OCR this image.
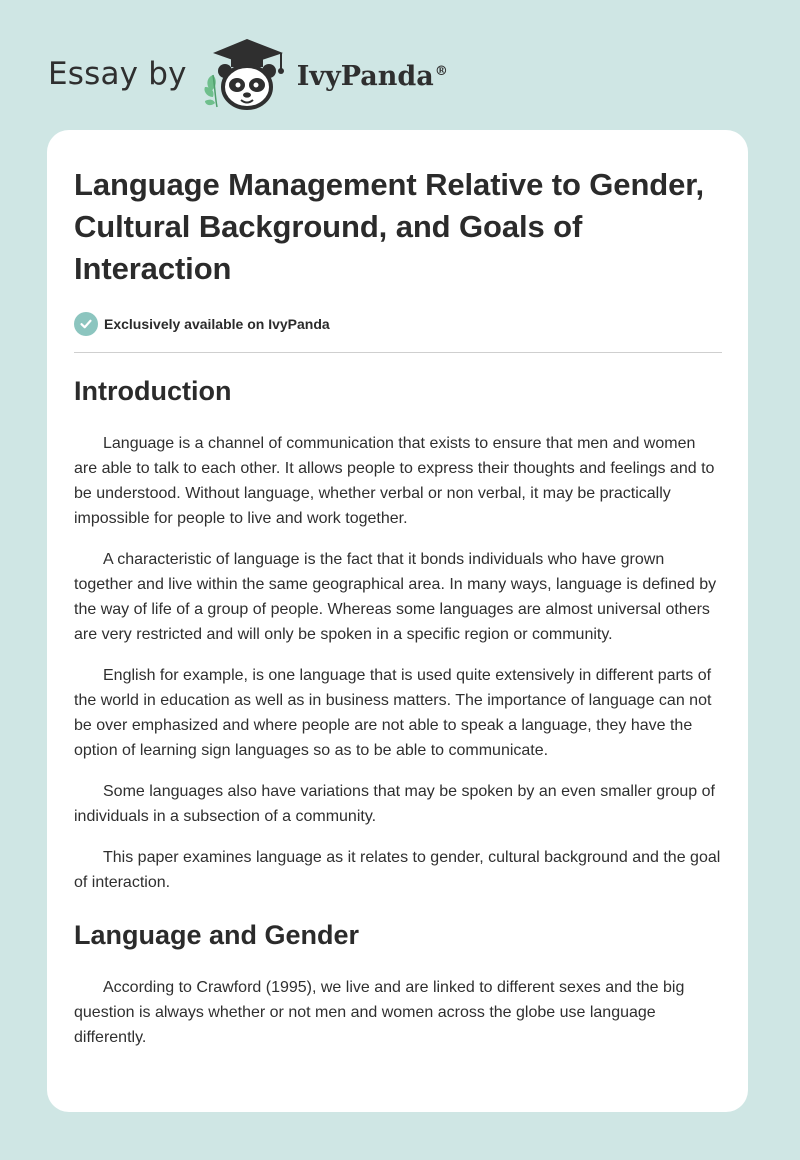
Essay by	IvyPanda®
Language Management Relative to Gender, Cultural Background, and Goals of Interaction
Exclusively available on IvyPanda
Introduction

Language is a channel of communication that exists to ensure that men and women are able to talk to each other. It allows people to express their thoughts and feelings and to be understood. Without language, whether verbal or non verbal, it may be practically impossible for people to live and work together.

A characteristic of language is the fact that it bonds individuals who have grown together and live within the same geographical area. In many ways, language is defined by the way of life of a group of people. Whereas some languages are almost universal others are very restricted and will only be spoken in a specific region or community.

English for example, is one language that is used quite extensively in different parts of the world in education as well as in business matters. The importance of language can not be over emphasized and where people are not able to speak a language, they have the option of learning sign languages so as to be able to communicate.

Some languages also have variations that may be spoken by an even smaller group of individuals in a subsection of a community.

This paper examines language as it relates to gender, cultural background and the goal of interaction.

Language and Gender

According to Crawford (1995), we live and are linked to different sexes and the big question is always whether or not men and women across the globe use language differently.
